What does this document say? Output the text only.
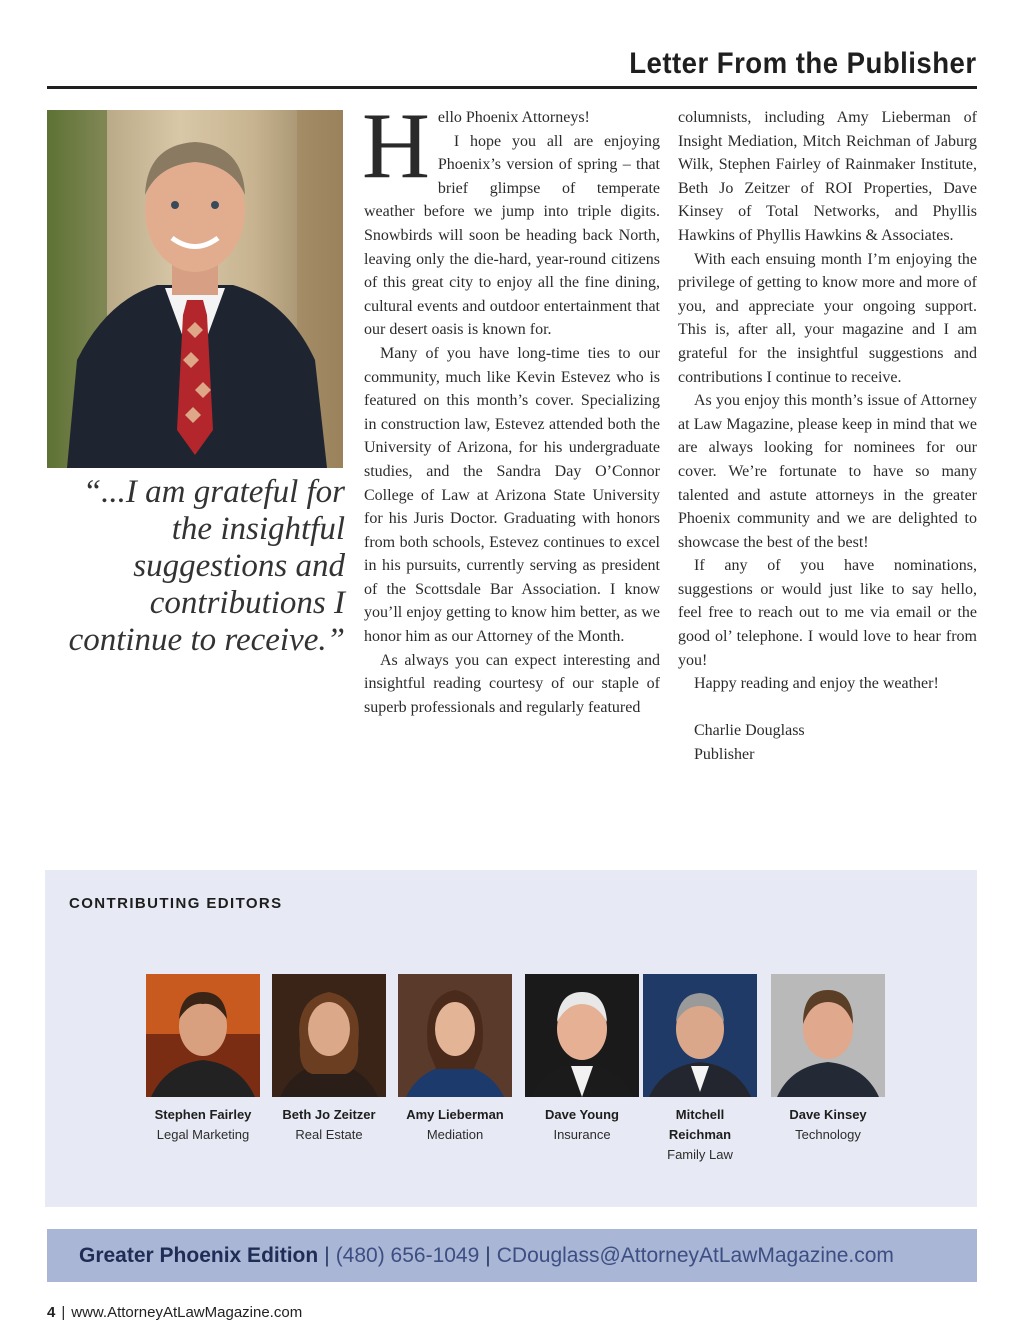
Letter From the Publisher
“...I am grateful for the insightful suggestions and contributions I continue to receive.”
H ello Phoenix Attorneys!

I hope you all are enjoying Phoenix’s version of spring – that brief glimpse of temperate weather before we jump into triple digits. Snowbirds will soon be heading back North, leaving only the die-hard, year-round citizens of this great city to enjoy all the fine dining, cultural events and outdoor entertainment that our desert oasis is known for.

Many of you have long-time ties to our community, much like Kevin Estevez who is featured on this month’s cover. Specializing in construction law, Estevez attended both the University of Arizona, for his undergraduate studies, and the Sandra Day O’Connor College of Law at Arizona State University for his Juris Doctor. Graduating with honors from both schools, Estevez continues to excel in his pursuits, currently serving as president of the Scottsdale Bar Association. I know you’ll enjoy getting to know him better, as we honor him as our Attorney of the Month.

As always you can expect interesting and insightful reading courtesy of our staple of superb professionals and regularly featured

columnists, including Amy Lieberman of Insight Mediation, Mitch Reichman of Jaburg Wilk, Stephen Fairley of Rainmaker Institute, Beth Jo Zeitzer of ROI Properties, Dave Kinsey of Total Networks, and Phyllis Hawkins of Phyllis Hawkins & Associates.

With each ensuing month I’m enjoying the privilege of getting to know more and more of you, and appreciate your ongoing support. This is, after all, your magazine and I am grateful for the insightful suggestions and contributions I continue to receive.

As you enjoy this month’s issue of Attorney at Law Magazine, please keep in mind that we are always looking for nominees for our cover. We’re fortunate to have so many talented and astute attorneys in the greater Phoenix community and we are delighted to showcase the best of the best!

If any of you have nominations, suggestions or would just like to say hello, feel free to reach out to me via email or the good ol’ telephone. I would love to hear from you!

Happy reading and enjoy the weather!

Charlie Douglass

Publisher

CONTRIBUTING EDITORS
Stephen Fairley
Legal Marketing
Beth Jo Zeitzer
Real Estate
Amy Lieberman
Mediation
Dave Young
Insurance
Mitchell Reichman
Family Law
Dave Kinsey
Technology
Greater Phoenix Edition | (480) 656-1049 | CDouglass@AttorneyAtLawMagazine.com
4 | www.AttorneyAtLawMagazine.com
